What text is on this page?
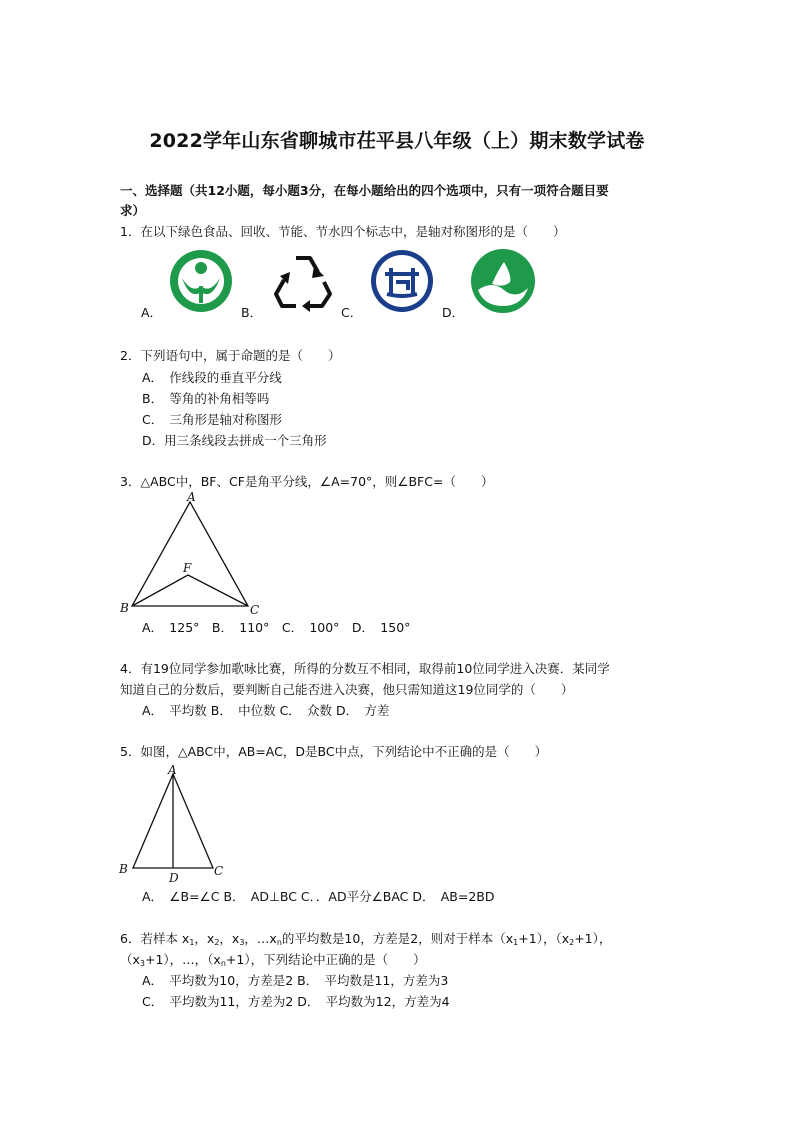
2022学年山东省聊城市茌平县八年级（上）期末数学试卷
一、选择题（共12小题，每小题3分，在每小题给出的四个选项中，只有一项符合题目要
求）
1．在以下绿色食品、回收、节能、节水四个标志中，是轴对称图形的是（　　）
A．	B．	C．	D．
2．下列语句中，属于命题的是（　　）
A．　作线段的垂直平分线
B．　等角的补角相等吗
C．　三角形是轴对称图形
D．用三条线段去拼成一个三角形
3．△ABC中，BF、CF是角平分线，∠A=70°，则∠BFC=（　　）
A
B	C
F
A．　125°　B．　110°　C．　100°　D．　150°
4．有19位同学参加歌咏比赛，所得的分数互不相同，取得前10位同学进入决赛．某同学
知道自己的分数后，要判断自己能否进入决赛，他只需知道这19位同学的（　　）
A．　平均数 B．　中位数 C．　众数 D．　方差
5．如图，△ABC中，AB=AC，D是BC中点，下列结论中不正确的是（　　）
A
B	C
D
A．　∠B=∠C B．　AD⊥BC C．．AD平分∠BAC D．　AB=2BD
6．若样本 $x_1$，$x_2$，$x_3$，$\dots x_n$的平均数是10，方差是2，则对于样本$(x_1+1)$，$(x_2+1)$，
$(x_3+1)$，…，$(x_n+1)$，下列结论中正确的是（　　）
A．　平均数为10，方差是2 B．　平均数是11，方差为3
C．　平均数为11，方差为2 D．　平均数为12，方差为4
